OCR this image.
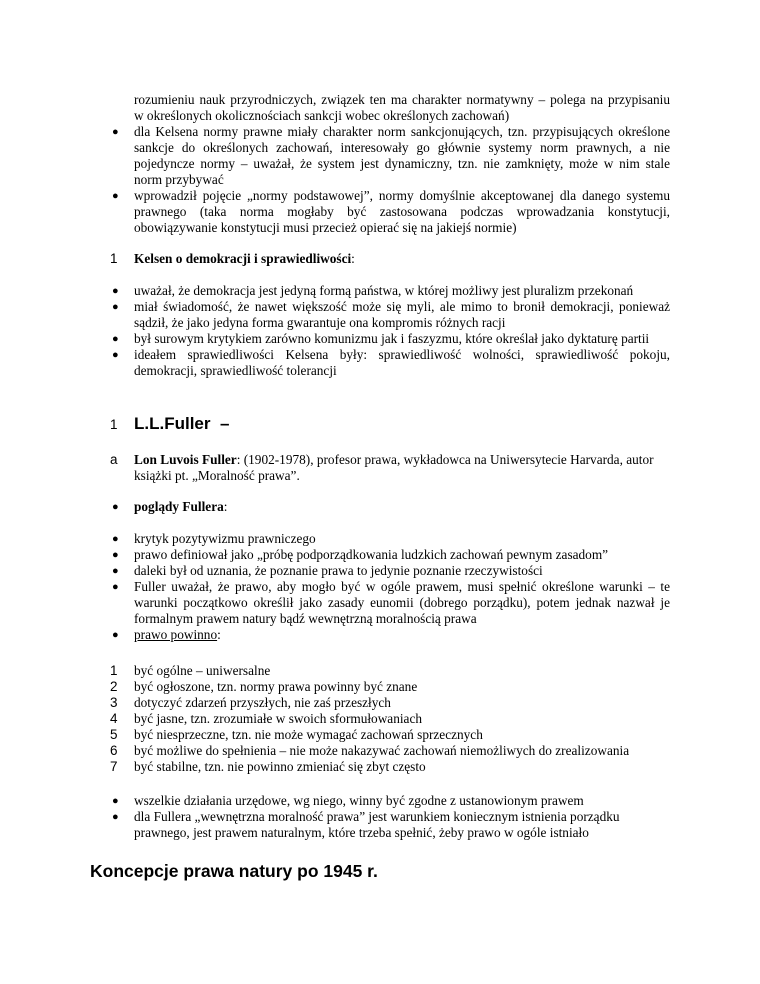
rozumieniu nauk przyrodniczych, związek ten ma charakter normatywny – polega na przypisaniu
w określonych okolicznościach sankcji wobec określonych zachowań)
● dla Kelsena normy prawne miały charakter norm sankcjonujących, tzn. przypisujących określone
sankcje do określonych zachowań, interesowały go głównie systemy norm prawnych, a nie
pojedyncze normy – uważał, że system jest dynamiczny, tzn. nie zamknięty, może w nim stale
norm przybywać
● wprowadził pojęcie „normy podstawowej”, normy domyślnie akceptowanej dla danego systemu
prawnego (taka norma mogłaby być zastosowana podczas wprowadzania konstytucji,
obowiązywanie konstytucji musi przecież opierać się na jakiejś normie)
1 Kelsen o demokracji i sprawiedliwości:
● uważał, że demokracja jest jedyną formą państwa, w której możliwy jest pluralizm przekonań
● miał świadomość, że nawet większość może się myli, ale mimo to bronił demokracji, ponieważ
sądził, że jako jedyna forma gwarantuje ona kompromis różnych racji
● był surowym krytykiem zarówno komunizmu jak i faszyzmu, które określał jako dyktaturę partii
● ideałem sprawiedliwości Kelsena były: sprawiedliwość wolności, sprawiedliwość pokoju,
demokracji, sprawiedliwość tolerancji
1 L.L.Fuller  –
a Lon Luvois Fuller: (1902-1978), profesor prawa, wykładowca na Uniwersytecie Harvarda, autor
książki pt. „Moralność prawa”.
● poglądy Fullera:
● krytyk pozytywizmu prawniczego
● prawo definiował jako „próbę podporządkowania ludzkich zachowań pewnym zasadom”
● daleki był od uznania, że poznanie prawa to jedynie poznanie rzeczywistości
● Fuller uważał, że prawo, aby mogło być w ogóle prawem, musi spełnić określone warunki – te
warunki początkowo określił jako zasady eunomii (dobrego porządku), potem jednak nazwał je
formalnym prawem natury bądź wewnętrzną moralnością prawa
● prawo powinno:
1 być ogólne – uniwersalne
2 być ogłoszone, tzn. normy prawa powinny być znane
3 dotyczyć zdarzeń przyszłych, nie zaś przeszłych
4 być jasne, tzn. zrozumiałe w swoich sformułowaniach
5 być niesprzeczne, tzn. nie może wymagać zachowań sprzecznych
6 być możliwe do spełnienia – nie może nakazywać zachowań niemożliwych do zrealizowania
7 być stabilne, tzn. nie powinno zmieniać się zbyt często
● wszelkie działania urzędowe, wg niego, winny być zgodne z ustanowionym prawem
● dla Fullera „wewnętrzna moralność prawa” jest warunkiem koniecznym istnienia porządku
prawnego, jest prawem naturalnym, które trzeba spełnić, żeby prawo w ogóle istniało
Koncepcje prawa natury po 1945 r.
